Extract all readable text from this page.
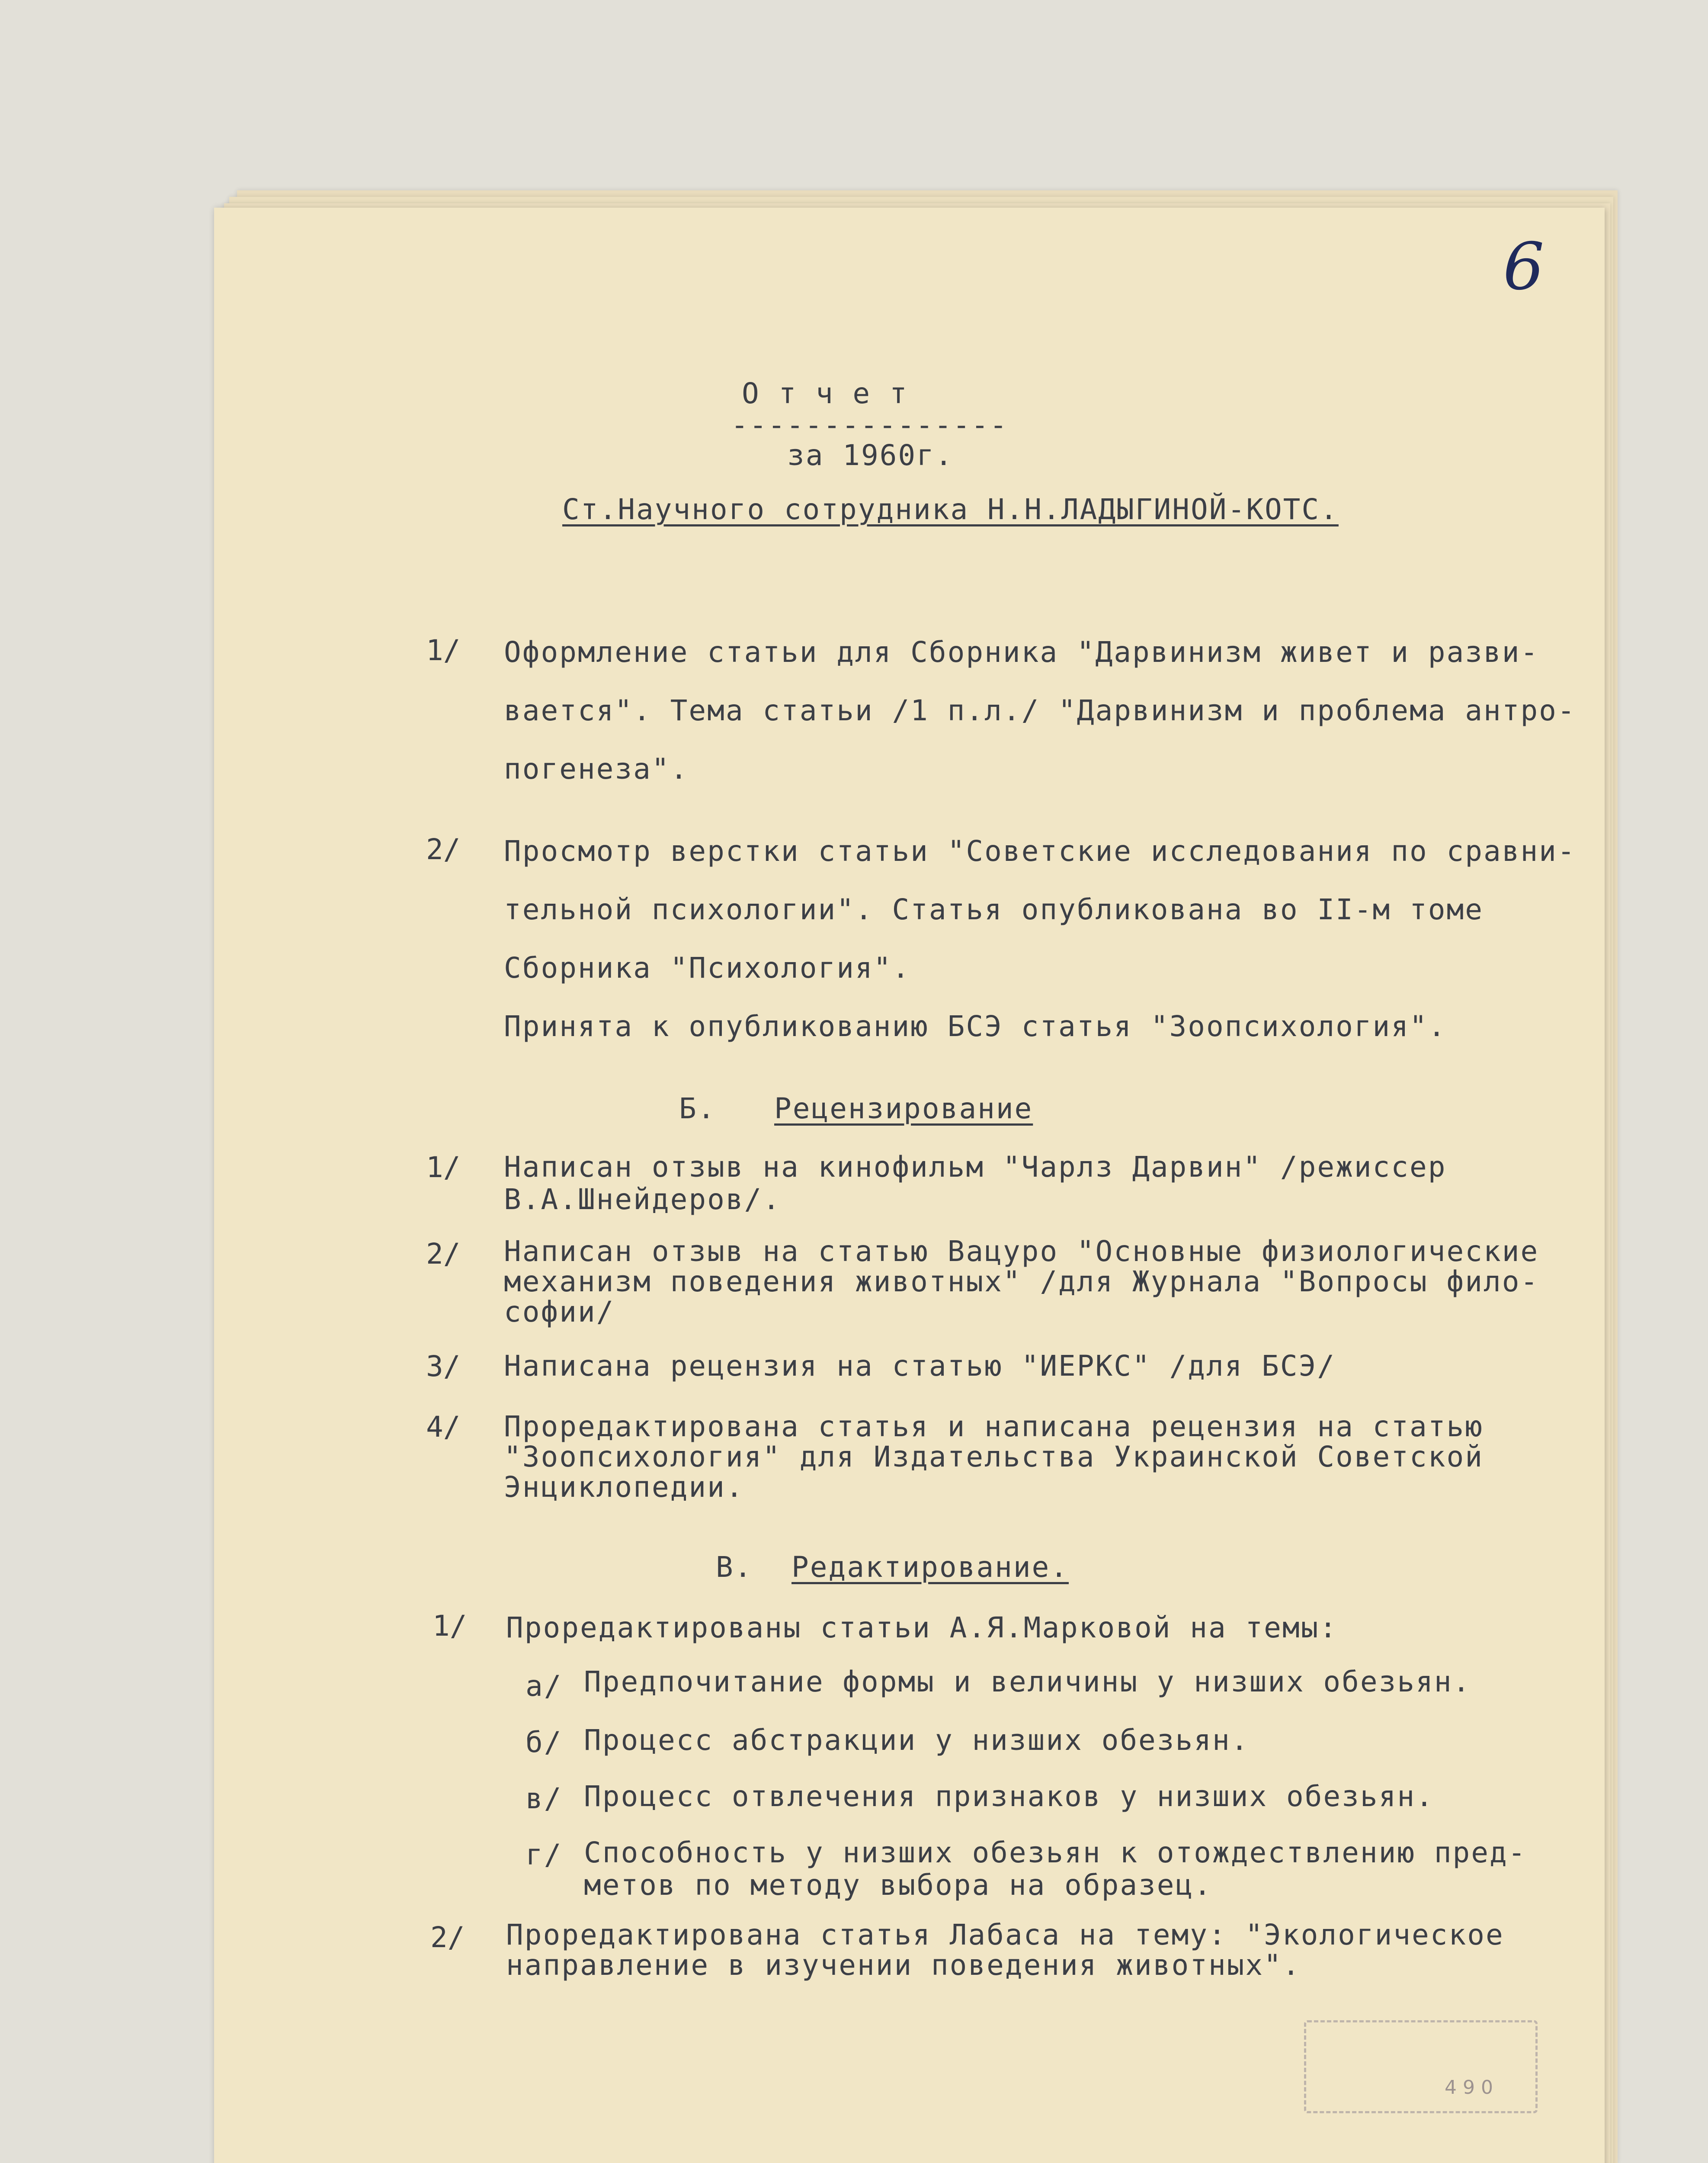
6
О т ч е т
---------------
за 1960г.
Ст.Научного сотрудника Н.Н.ЛАДЫГИНОЙ-КОТС.
1/ Оформление статьи для Сборника "Дарвинизм живет и разви-
вается". Тема статьи /1 п.л./ "Дарвинизм и проблема антро-
погенеза".
2/ Просмотр верстки статьи "Советские исследования по сравни-
тельной психологии". Статья опубликована во II-м томе
Сборника "Психология".
Принята к опубликованию БСЭ статья "Зоопсихология".
Б. Рецензирование
1/ Написан отзыв на кинофильм "Чарлз Дарвин" /режиссер
В.А.Шнейдеров/.
2/ Написан отзыв на статью Вацуро "Основные физиологические
механизм поведения животных" /для Журнала "Вопросы фило-
софии/
3/ Написана рецензия на статью "ИЕРКС" /для БСЭ/
4/ Прорeдактирована статья и написана рецензия на статью
"Зоопсихология" для Издательства Украинской Советской
Энциклопедии.
В. Редактирование.
1/ Прорeдактированы статьи А.Я.Марковой на темы:
а/ Предпочитание формы и величины у низших обезьян.
б/ Процесс абстракции у низших обезьян.
в/ Процесс отвлечения признаков у низших обезьян.
г/ Способность у низших обезьян к отождествлению пред-
метов по методу выбора на образец.
2/ Прорeдактирована статья Лабаса на тему: "Экологическое
направление в изучении поведения животных".
4 9 0
